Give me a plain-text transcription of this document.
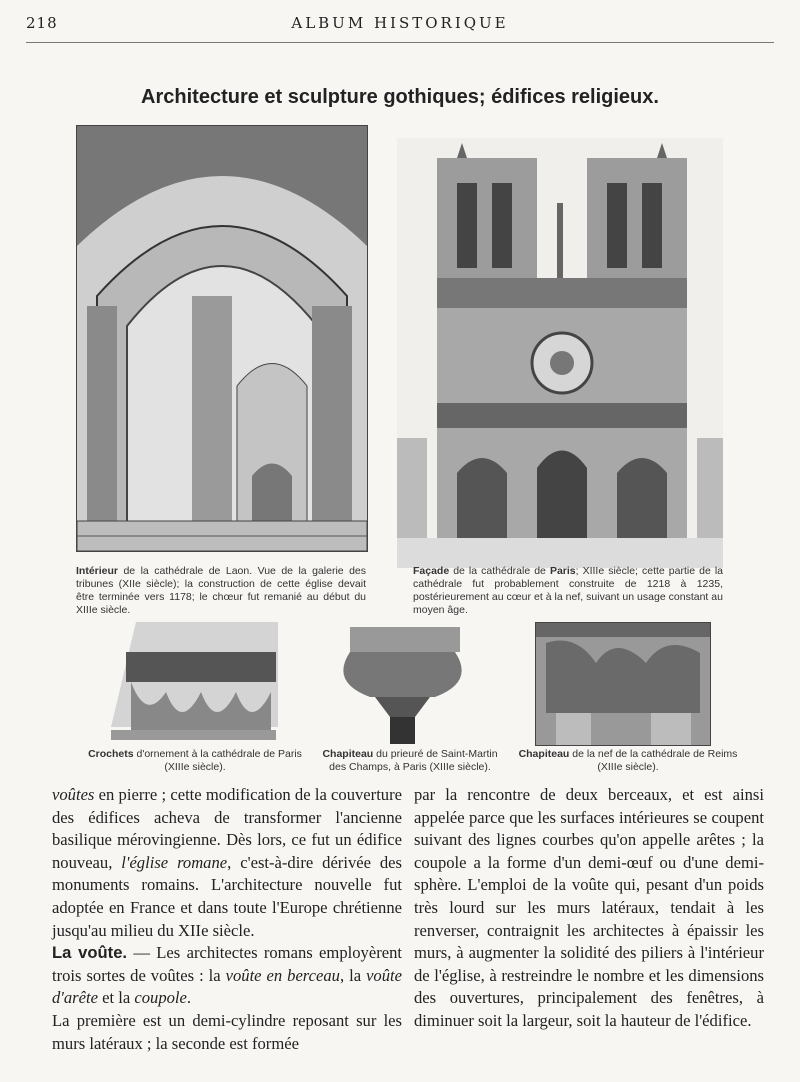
218	ALBUM HISTORIQUE
Architecture et sculpture gothiques; édifices religieux.
Intérieur de la cathédrale de Laon. Vue de la galerie des tribunes (XIIe siècle); la construction de cette église devait être terminée vers 1178; le chœur fut remanié au début du XIIIe siècle.
Façade de la cathédrale de Paris; XIIIe siècle; cette partie de la cathédrale fut probablement construite de 1218 à 1235, postérieurement au cœur et à la nef, suivant un usage constant au moyen âge.
Crochets d'ornement à la cathédrale de Paris
(XIIIe siècle).
Chapiteau du prieuré de Saint-Martin
des Champs, à Paris (XIIIe siècle).
Chapiteau de la nef de la cathédrale de Reims
(XIIIe siècle).

voûtes en pierre ; cette modification de la couverture des édifices acheva de transformer l'ancienne basilique mérovingienne. Dès lors, ce fut un édifice nouveau, l'église romane, c'est-à-dire dérivée des monuments romains. L'architecture nouvelle fut adoptée en France et dans toute l'Europe chrétienne jusqu'au milieu du XIIe siècle.

La voûte. — Les architectes romans employèrent trois sortes de voûtes : la voûte en berceau, la voûte d'arête et la coupole.

La première est un demi-cylindre reposant sur les murs latéraux ; la seconde est formée

par la rencontre de deux berceaux, et est ainsi appelée parce que les surfaces intérieures se coupent suivant des lignes courbes qu'on appelle arêtes ; la coupole a la forme d'un demi-œuf ou d'une demi-sphère. L'emploi de la voûte qui, pesant d'un poids très lourd sur les murs latéraux, tendait à les renverser, contraignit les architectes à épaissir les murs, à augmenter la solidité des piliers à l'intérieur de l'église, à restreindre le nombre et les dimensions des ouvertures, principalement des fenêtres, à diminuer soit la largeur, soit la hauteur de l'édifice.
